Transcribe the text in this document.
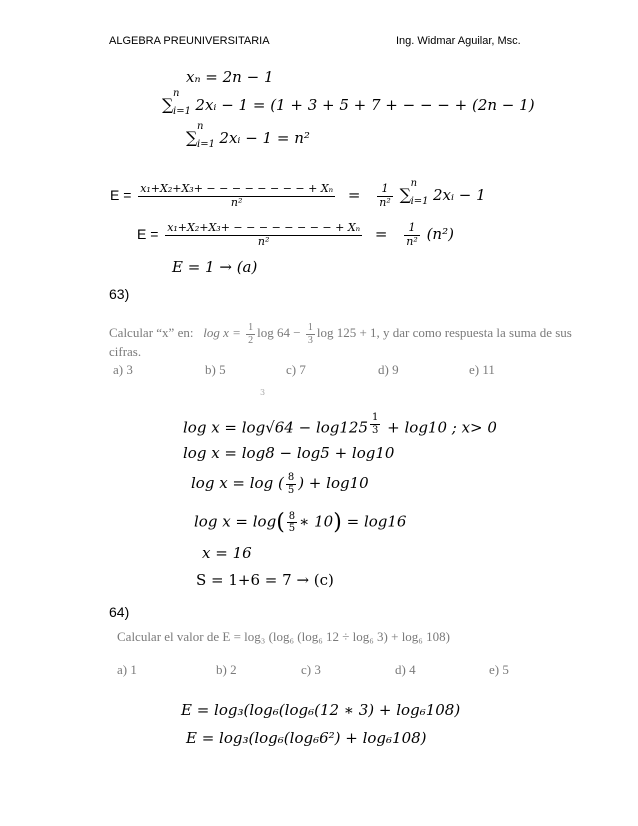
ALGEBRA PREUNIVERSITARIA	Ing. Widmar Aguilar, Msc.
xₙ = 2n − 1
∑
n
i=1 2xᵢ − 1 = (1 + 3 + 5 + 7 + − − − + (2n − 1)
∑
n
i=1 2xᵢ − 1 = n²
$E = \frac{\text{x₁+X₂+X₃+ − − − − − − − − + Xₙ}}{\text{n²}} = \frac{1}{\text{n²}}$ ∑
n
i=1 2xᵢ − 1
$E = \frac{\text{x₁+X₂+X₃+ − − − − − − − − + Xₙ}}{\text{n²}} = \frac{1}{\text{n²}} (n^2)$
E = 1 → (a)
63)
Calcular “x” en: $\log x = \frac{1}{2}$ $\log 64 - \frac{1}{3}$ log 125 + 1, y dar como respuesta la suma de sus
cifras.
a) 3	b) 5	c) 7	d) 9	e) 11
3
log x = log√64 − log125 $^{\frac{1}{3}}$ + log10 ; x> 0
log x = log8 − log5 + log10
log x = log ( $\frac{8}{5}$ ) + log10
$\log x = \log( \frac{8}{5}$ ∗ 10) = log16
x = 16
S = 1+6 = 7 → (c)
64)
Calcular el valor de E = log₃ (log₆ (log₆ 12 ÷ log₆ 3) + log₆ 108)
a) 1	b) 2	c) 3	d) 4	e) 5
E = log₃(log₆(log₆(12 ∗ 3) + log₆108)
E = log₃(log₆(log₆6²) + log₆108)
